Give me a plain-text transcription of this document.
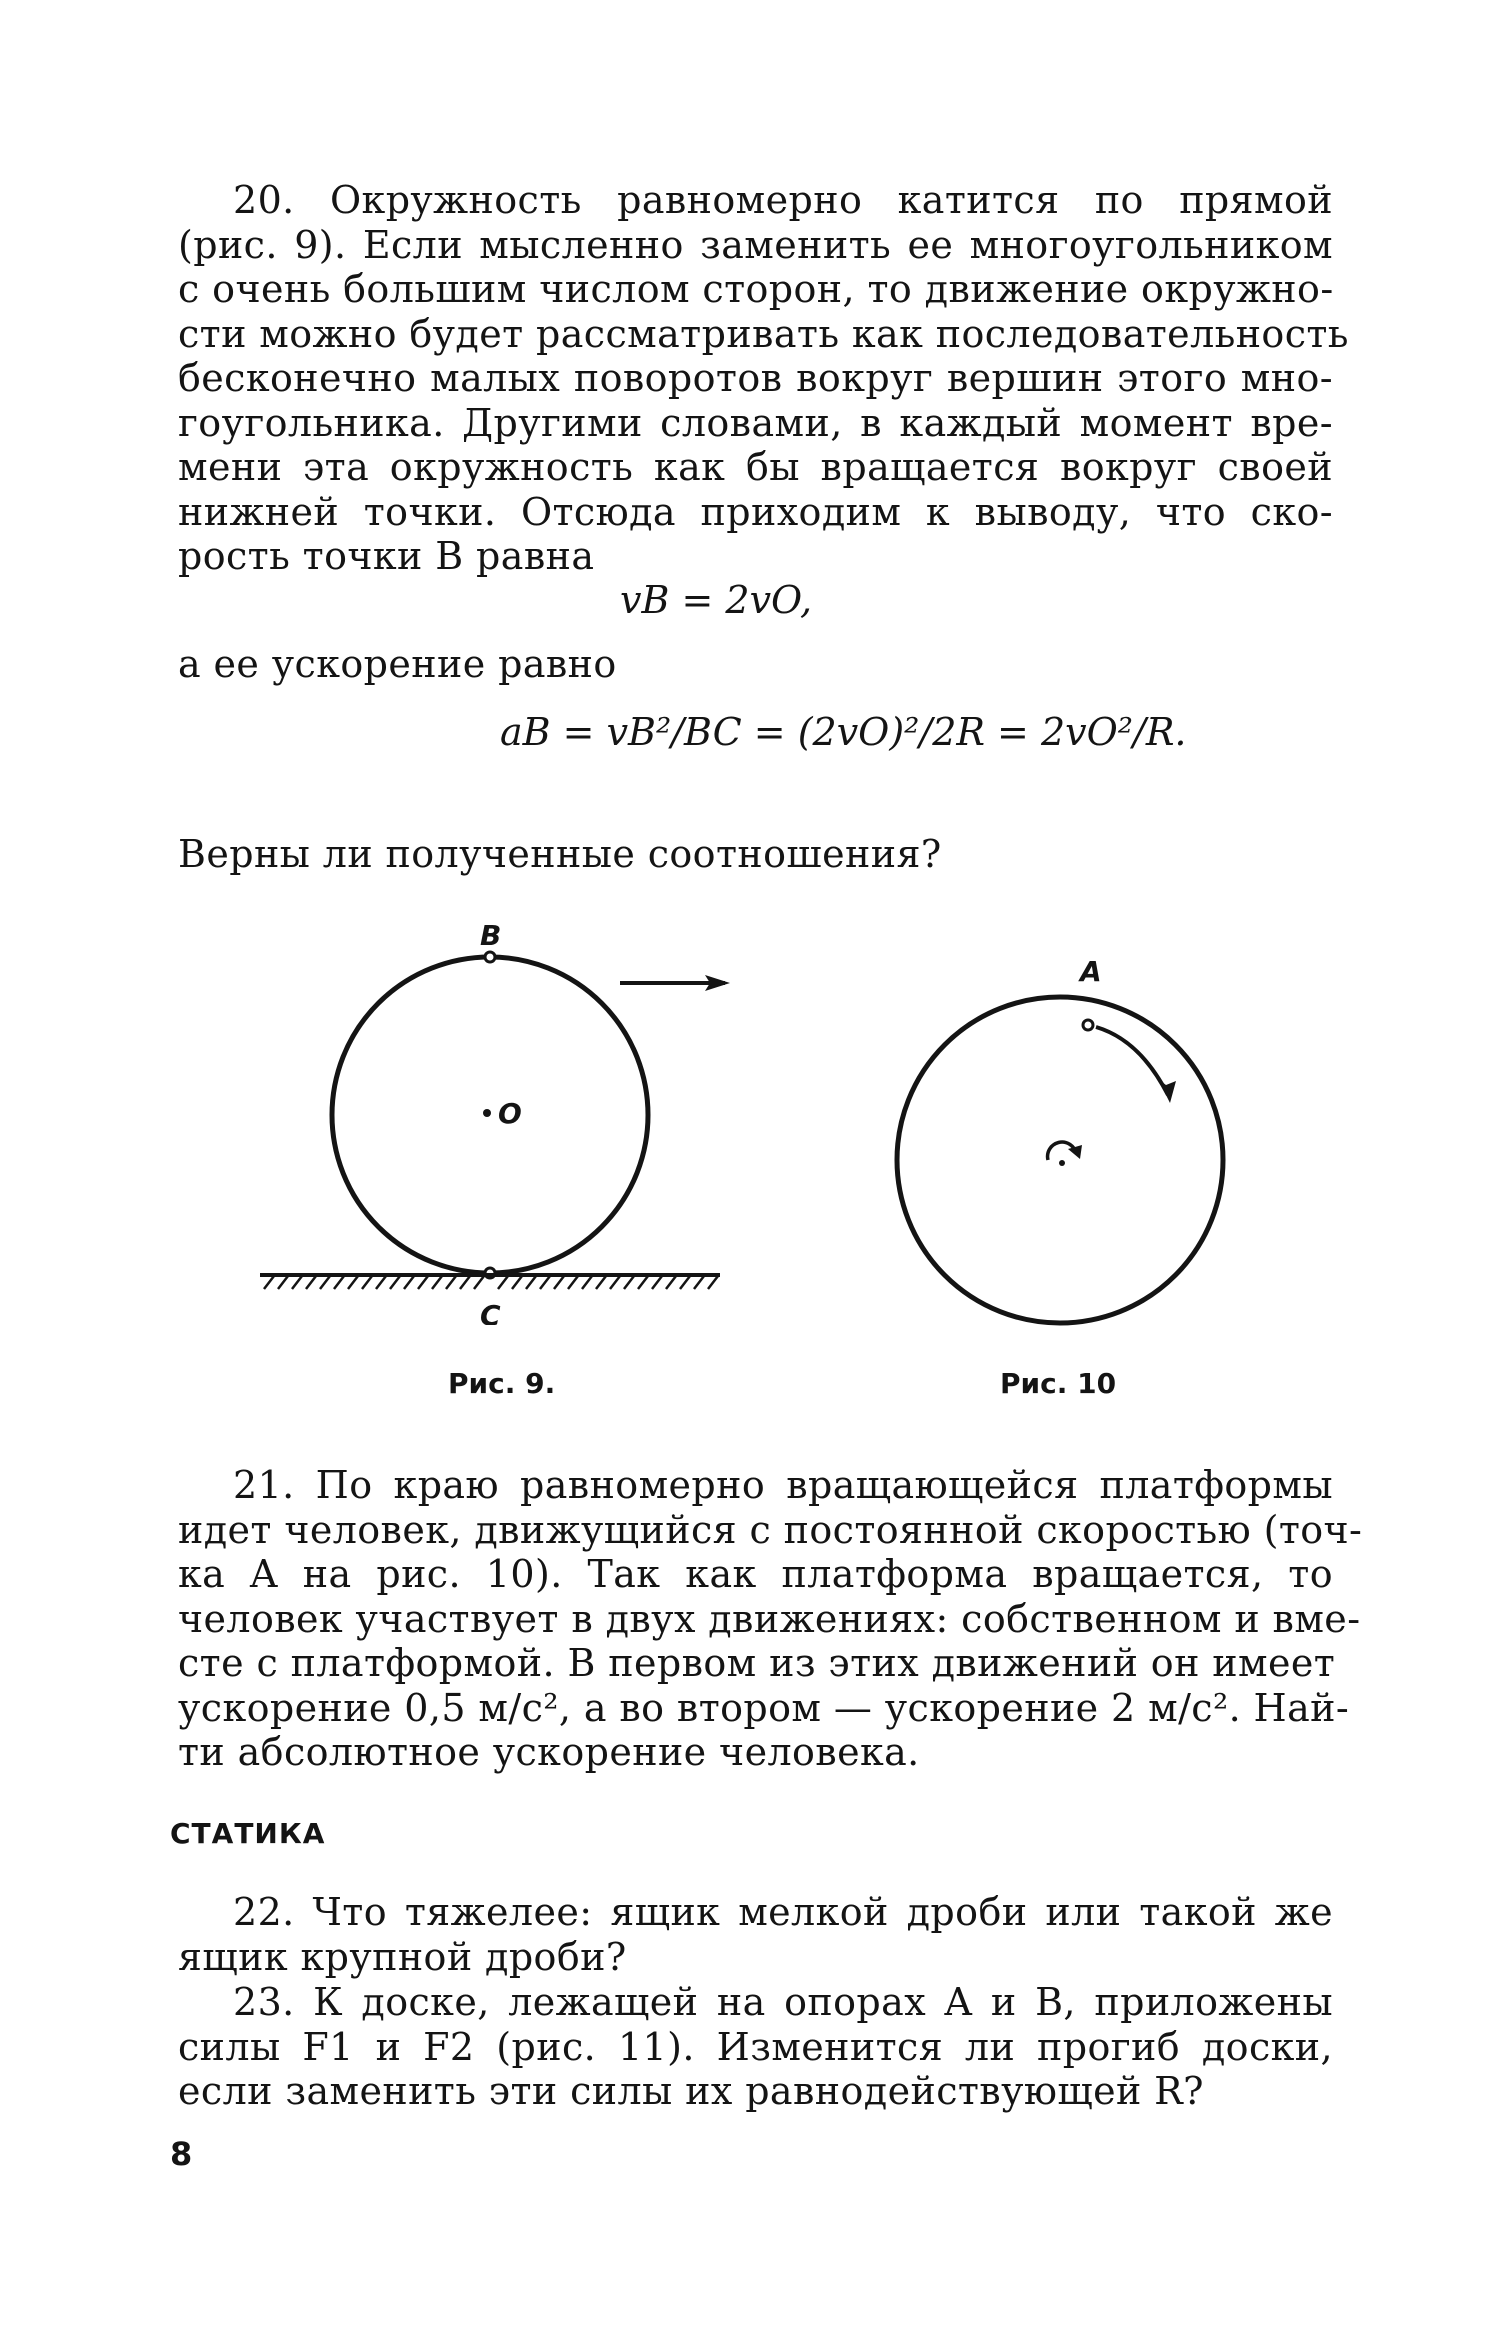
20. Окружность равномерно катится по прямой
(рис. 9). Если мысленно заменить ее многоугольником
с очень большим числом сторон, то движение окружно-
сти можно будет рассматривать как последовательность
бесконечно малых поворотов вокруг вершин этого мно-
гоугольника. Другими словами, в каждый момент вре-
мени эта окружность как бы вращается вокруг своей
нижней точки. Отсюда приходим к выводу, что ско-
рость точки B равна
vB = 2vO,
а ее ускорение равно
aB = vB²/BC = (2vO)²/2R = 2vO²/R.
Верны ли полученные соотношения?
B
O
C
Рис. 9.
A
Рис. 10
21. По краю равномерно вращающейся платформы
идет человек, движущийся с постоянной скоростью (точ-
ка A на рис. 10). Так как платформа вращается, то
человек участвует в двух движениях: собственном и вме-
сте с платформой. В первом из этих движений он имеет
ускорение 0,5 м/с², а во втором — ускорение 2 м/с². Най-
ти абсолютное ускорение человека.
СТАТИКА
22. Что тяжелее: ящик мелкой дроби или такой же
ящик крупной дроби?
23. К доске, лежащей на опорах A и B, приложены
силы F1 и F2 (рис. 11). Изменится ли прогиб доски,
если заменить эти силы их равнодействующей R?
8
